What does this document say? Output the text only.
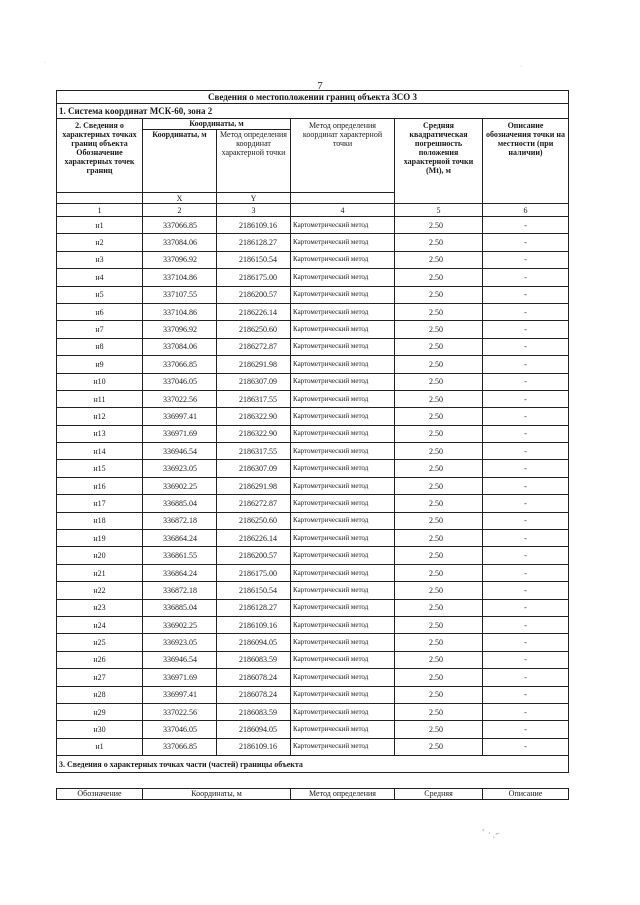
7
Сведения о местоположении границ объекта ЗСО 3					
1. Система координат МСК-60, зона 2					
2. Сведения о характерных точках границ объекта Обозначение характерных точек границ	Координаты, м		Метод определения координат характерной точки	Средняя квадратическая погрешность положения характерной точки (Mt), м	Описание обозначения точки на местности (при наличии)
	Координаты, м	Метод определения координат характерной точки			
	X	Y			
1	2	3	4	5	6
н1	337066.85	2186109.16	Картометрический метод	2.50	-
н2	337084.06	2186128.27	Картометрический метод	2.50	-
н3	337096.92	2186150.54	Картометрический метод	2.50	-
н4	337104.86	2186175.00	Картометрический метод	2.50	-
н5	337107.55	2186200.57	Картометрический метод	2.50	-
н6	337104.86	2186226.14	Картометрический метод	2.50	-
н7	337096.92	2186250.60	Картометрический метод	2.50	-
н8	337084.06	2186272.87	Картометрический метод	2.50	-
н9	337066.85	2186291.98	Картометрический метод	2.50	-
н10	337046.05	2186307.09	Картометрический метод	2.50	-
н11	337022.56	2186317.55	Картометрический метод	2.50	-
н12	336997.41	2186322.90	Картометрический метод	2.50	-
н13	336971.69	2186322.90	Картометрический метод	2.50	-
н14	336946.54	2186317.55	Картометрический метод	2.50	-
н15	336923.05	2186307.09	Картометрический метод	2.50	-
н16	336902.25	2186291.98	Картометрический метод	2.50	-
н17	336885.04	2186272.87	Картометрический метод	2.50	-
н18	336872.18	2186250.60	Картометрический метод	2.50	-
н19	336864.24	2186226.14	Картометрический метод	2.50	-
н20	336861.55	2186200.57	Картометрический метод	2.50	-
н21	336864.24	2186175.00	Картометрический метод	2.50	-
н22	336872.18	2186150.54	Картометрический метод	2.50	-
н23	336885.04	2186128.27	Картометрический метод	2.50	-
н24	336902.25	2186109.16	Картометрический метод	2.50	-
н25	336923.05	2186094.05	Картометрический метод	2.50	-
н26	336946.54	2186083.59	Картометрический метод	2.50	-
н27	336971.69	2186078.24	Картометрический метод	2.50	-
н28	336997.41	2186078.24	Картометрический метод	2.50	-
н29	337022.56	2186083.59	Картометрический метод	2.50	-
н30	337046.05	2186094.05	Картометрический метод	2.50	-
н1	337066.85	2186109.16	Картометрический метод	2.50	-
3. Сведения о характерных точках части (частей) границы объекта					
Обозначение	Координаты, м	Метод определения	Средняя	Описание
ﾞ · ˏ⌐
·
·
